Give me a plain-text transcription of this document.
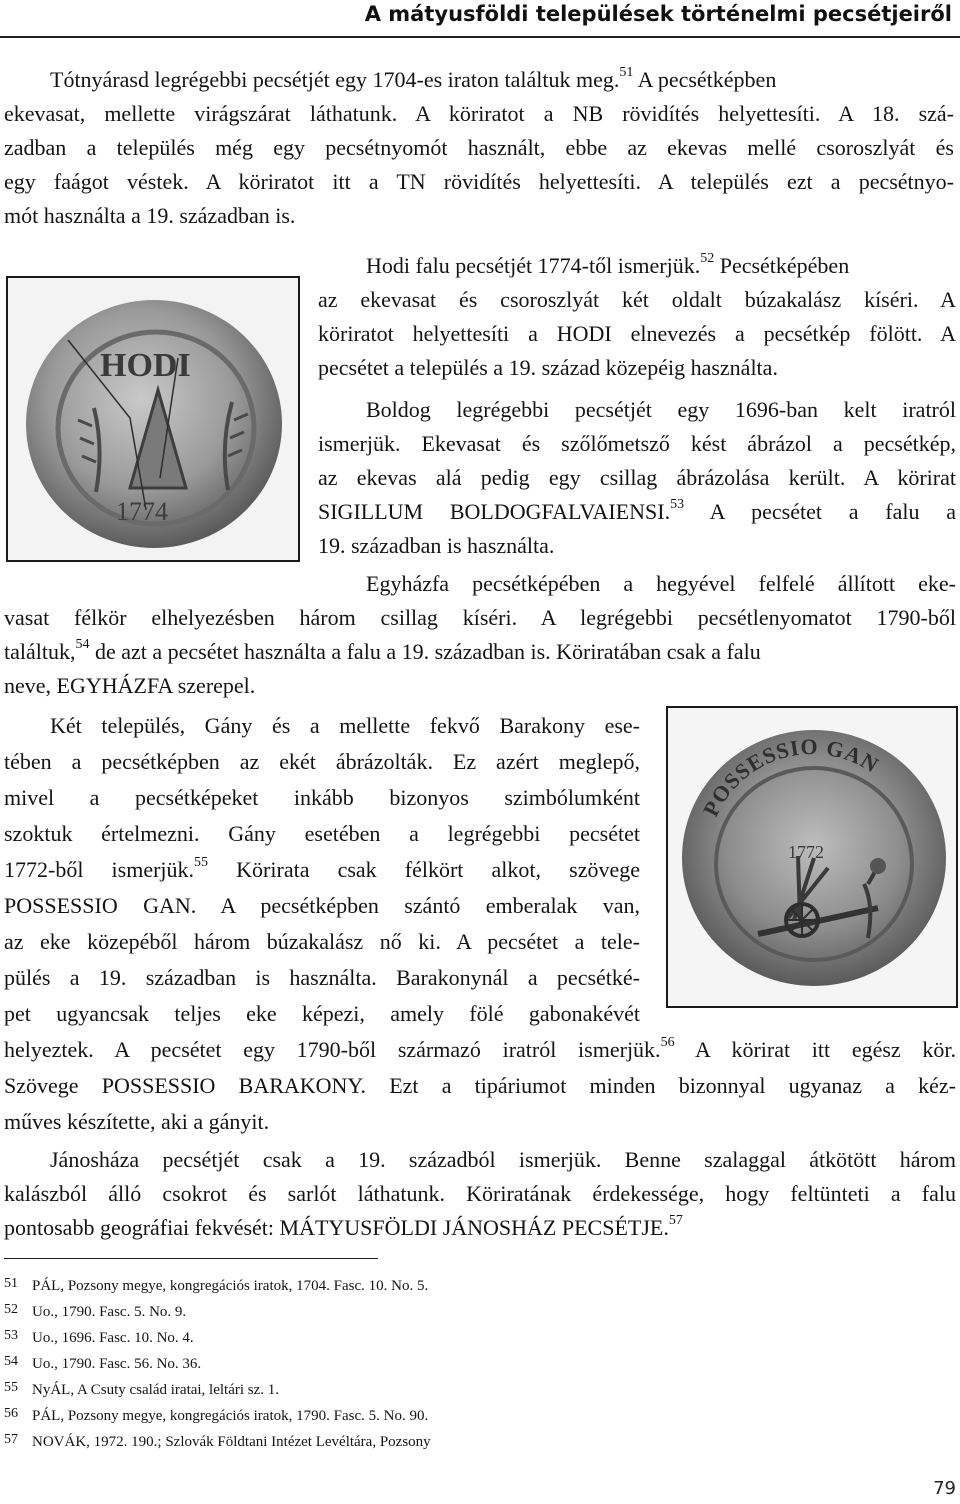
A mátyusföldi települések történelmi pecsétjeiről
Tótnyárasd legrégebbi pecsétjét egy 1704-es iraton találtuk meg.$^{51}$ A pecsétképben
ekevasat, mellette virágszárat láthatunk. A köriratot a NB rövidítés helyettesíti. A 18. szá-
zadban a település még egy pecsétnyomót használt, ebbe az ekevas mellé csoroszlyát és
egy faágot véstek. A köriratot itt a TN rövidítés helyettesíti. A település ezt a pecsétnyo-
mót használta a 19. században is.
HODI
1774
Hodi falu pecsétjét 1774-től ismerjük.$^{52}$ Pecsétképében
az ekevasat és csoroszlyát két oldalt búzakalász kíséri. A
köriratot helyettesíti a HODI elnevezés a pecsétkép fölött. A
pecsétet a település a 19. század közepéig használta.
Boldog legrégebbi pecsétjét egy 1696-ban kelt iratról
ismerjük. Ekevasat és szőlőmetsző kést ábrázol a pecsétkép,
az ekevas alá pedig egy csillag ábrázolása került. A körirat
SIGILLUM BOLDOGFALVAIENSI.$^{53}$ A pecsétet a falu a
19. században is használta.
Egyházfa pecsétképében a hegyével felfelé állított eke-
vasat félkör elhelyezésben három csillag kíséri. A legrégebbi pecsétlenyomatot 1790-ből
találtuk,$^{54}$ de azt a pecsétet használta a falu a 19. században is. Köriratában csak a falu
neve, EGYHÁZFA szerepel.
Két település, Gány és a mellette fekvő Barakony ese-
tében a pecsétképben az ekét ábrázolták. Ez azért meglepő,
mivel a pecsétképeket inkább bizonyos szimbólumként
szoktuk értelmezni. Gány esetében a legrégebbi pecsétet
1772-ből ismerjük.$^{55}$ Körirata csak félkört alkot, szövege
POSSESSIO GAN. A pecsétképben szántó emberalak van,
az eke közepéből három búzakalász nő ki. A pecsétet a tele-
pülés a 19. században is használta. Barakonynál a pecsétké-
pet ugyancsak teljes eke képezi, amely fölé gabonakévét
helyeztek. A pecsétet egy 1790-ből származó iratról ismerjük.$^{56}$ A körirat itt egész kör.
Szövege POSSESSIO BARAKONY. Ezt a tipáriumot minden bizonnyal ugyanaz a kéz-
műves készítette, aki a gányit.
POSSESSIO GAN
1772
Jánosháza pecsétjét csak a 19. századból ismerjük. Benne szalaggal átkötött három
kalászból álló csokrot és sarlót láthatunk. Köriratának érdekessége, hogy feltünteti a falu
pontosabb geográfiai fekvését: MÁTYUSFÖLDI JÁNOSHÁZ PECSÉTJE.$^{57}$
51 PÁL, Pozsony megye, kongregációs iratok, 1704. Fasc. 10. No. 5.
52 Uo., 1790. Fasc. 5. No. 9.
53 Uo., 1696. Fasc. 10. No. 4.
54 Uo., 1790. Fasc. 56. No. 36.
55 NyÁL, A Csuty család iratai, leltári sz. 1.
56 PÁL, Pozsony megye, kongregációs iratok, 1790. Fasc. 5. No. 90.
57 NOVÁK, 1972. 190.; Szlovák Földtani Intézet Levéltára, Pozsony
79
